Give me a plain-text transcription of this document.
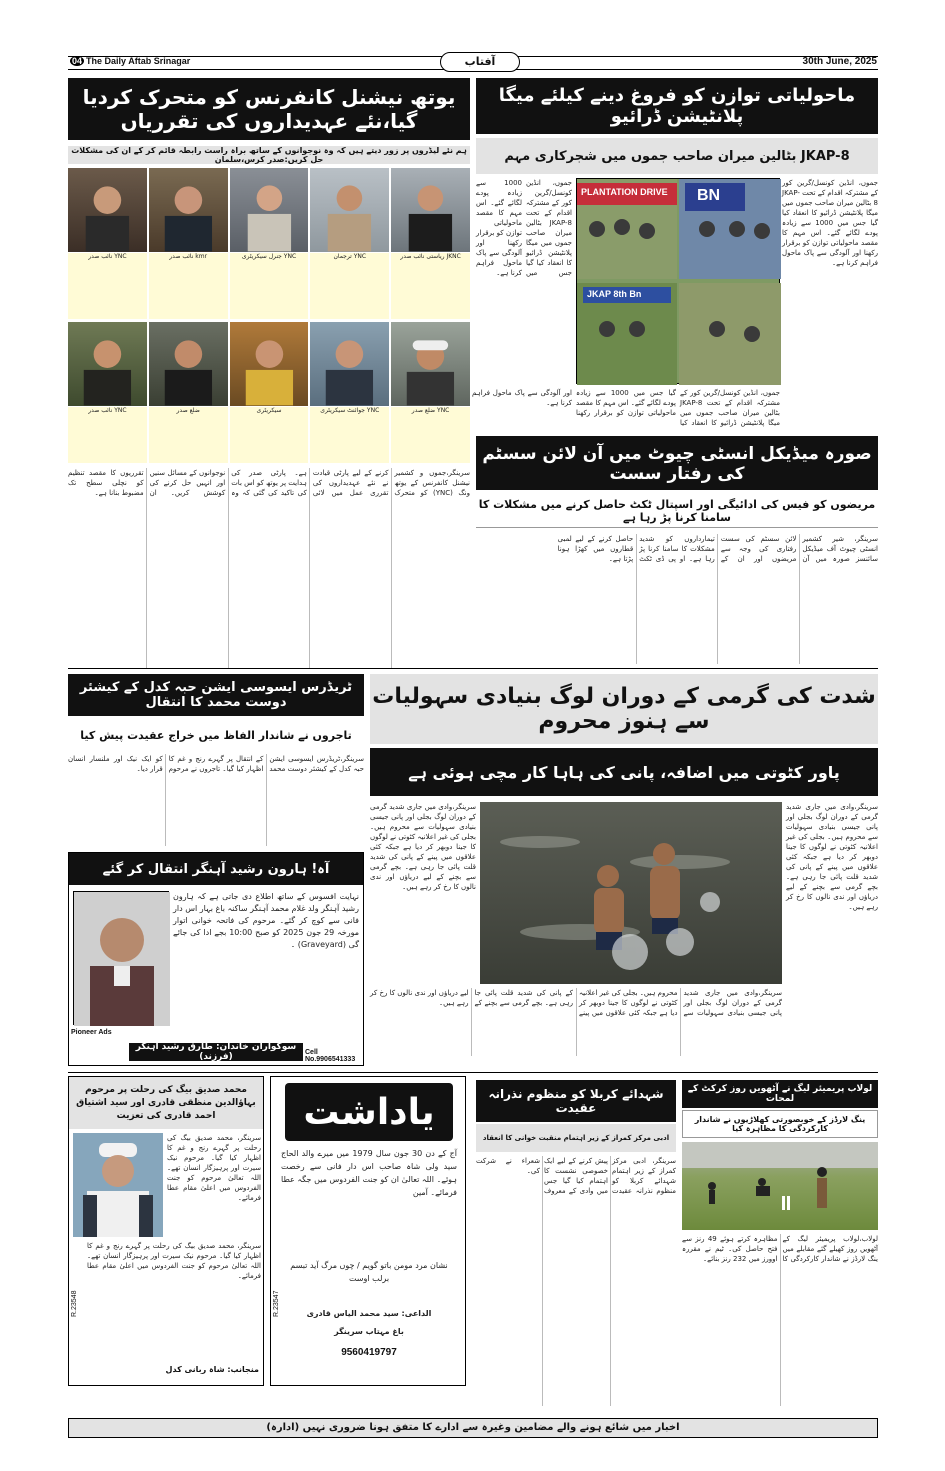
04 The Daily Aftab Srinagar	آفتاب	30th June, 2025
یوتھ نیشنل کانفرنس کو متحرک کردیا گیا،نئے عہدیداروں کی تقرریاں
ہم نئے لیڈروں پر زور دیتے ہیں کہ وہ نوجوانوں کے ساتھ براہ راست رابطہ قائم کر کے ان کی مشکلات حل کریں:صدر کرس،سلمان
YNC نائب صدر	kmr نائب صدر	YNC جنرل سیکریٹری	YNC ترجمان	JKNC ریاستی نائب صدر
YNC نائب صدر	ضلع صدر	سیکریٹری	YNC جوائنٹ سیکریٹری	YNC ضلع صدر
سرینگر،جموں و کشمیر نیشنل کانفرنس کے یوتھ ونگ (YNC) کو متحرک کرنے کے لیے پارٹی قیادت نے نئے عہدیداروں کی تقرری عمل میں لائی ہے۔ پارٹی صدر کی ہدایت پر یوتھ کو اس بات کی تاکید کی گئی کہ وہ نوجوانوں کے مسائل سنیں اور انہیں حل کرنے کی کوشش کریں۔ ان تقرریوں کا مقصد تنظیم کو نچلی سطح تک مضبوط بنانا ہے۔
ماحولیاتی توازن کو فروغ دینے کیلئے میگا پلانٹیشن ڈرائیو
JKAP-8 بٹالین میران صاحب جموں میں شجرکاری مہم
PLANTATION DRIVE BN
JKAP 8th Bn
جموں، انڈین کونسل/گرین کور کے مشترکہ اقدام کے تحت JKAP-8 بٹالین میران صاحب جموں میں میگا پلانٹیشن ڈرائیو کا انعقاد کیا گیا جس میں 1000 سے زیادہ پودے لگائے گئے۔ اس مہم کا مقصد ماحولیاتی توازن کو برقرار رکھنا اور آلودگی سے پاک ماحول فراہم کرنا ہے۔
جموں، انڈین کونسل/گرین کور کے مشترکہ اقدام کے تحت JKAP-8 بٹالین میران صاحب جموں میں میگا پلانٹیشن ڈرائیو کا انعقاد کیا گیا جس میں 1000 سے زیادہ پودے لگائے گئے۔ اس مہم کا مقصد ماحولیاتی توازن کو برقرار رکھنا اور آلودگی سے پاک ماحول فراہم کرنا ہے۔
جموں، انڈین کونسل/گرین کور کے مشترکہ اقدام کے تحت JKAP-8 بٹالین میران صاحب جموں میں میگا پلانٹیشن ڈرائیو کا انعقاد کیا گیا جس میں 1000 سے زیادہ پودے لگائے گئے۔ اس مہم کا مقصد ماحولیاتی توازن کو برقرار رکھنا اور آلودگی سے پاک ماحول فراہم کرنا ہے۔
صورہ میڈیکل انسٹی چیوٹ میں آن لائن سسٹم کی رفتار سست
مریضوں کو فیس کی ادائیگی اور اسپتال ٹکٹ حاصل کرنے میں مشکلات کا سامنا کرنا پڑ رہا ہے
سرینگر، شیر کشمیر انسٹی چیوٹ آف میڈیکل سائنسز صورہ میں آن لائن سسٹم کی سست رفتاری کی وجہ سے مریضوں اور ان کے تیمارداروں کو شدید مشکلات کا سامنا کرنا پڑ رہا ہے۔ او پی ڈی ٹکٹ حاصل کرنے کے لیے لمبی قطاروں میں کھڑا ہونا پڑتا ہے۔
ٹریڈرس ایسوسی ایشن حبہ کدل کے کیشئر دوست محمد کا انتقال
تاجروں نے شاندار الفاظ میں خراج عقیدت پیش کیا
سرینگر،ٹریڈرس ایسوسی ایشن حبہ کدل کے کیشئر دوست محمد کے انتقال پر گہرے رنج و غم کا اظہار کیا گیا۔ تاجروں نے مرحوم کو ایک نیک اور ملنسار انسان قرار دیا۔
شدت کی گرمی کے دوران لوگ بنیادی سہولیات سے ہنوز محروم
پاور کٹوتی میں اضافہ، پانی کی ہاہا کار مچی ہوئی ہے
سرینگر،وادی میں جاری شدید گرمی کے دوران لوگ بجلی اور پانی جیسی بنیادی سہولیات سے محروم ہیں۔ بجلی کی غیر اعلانیہ کٹوتی نے لوگوں کا جینا دوبھر کر دیا ہے جبکہ کئی علاقوں میں پینے کے پانی کی شدید قلت پائی جا رہی ہے۔ بچے گرمی سے بچنے کے لیے دریاؤں اور ندی نالوں کا رخ کر رہے ہیں۔
سرینگر،وادی میں جاری شدید گرمی کے دوران لوگ بجلی اور پانی جیسی بنیادی سہولیات سے محروم ہیں۔ بجلی کی غیر اعلانیہ کٹوتی نے لوگوں کا جینا دوبھر کر دیا ہے جبکہ کئی علاقوں میں پینے کے پانی کی شدید قلت پائی جا رہی ہے۔ بچے گرمی سے بچنے کے لیے دریاؤں اور ندی نالوں کا رخ کر رہے ہیں۔
سرینگر،وادی میں جاری شدید گرمی کے دوران لوگ بجلی اور پانی جیسی بنیادی سہولیات سے محروم ہیں۔ بجلی کی غیر اعلانیہ کٹوتی نے لوگوں کا جینا دوبھر کر دیا ہے جبکہ کئی علاقوں میں پینے کے پانی کی شدید قلت پائی جا رہی ہے۔ بچے گرمی سے بچنے کے لیے دریاؤں اور ندی نالوں کا رخ کر رہے ہیں۔
آہ! ہارون رشید آہنگر انتقال کر گئے
نہایت افسوس کے ساتھ اطلاع دی جاتی ہے کہ ہارون رشید آہنگر ولد غلام محمد آہنگر ساکنہ باغ بہار اس دار فانی سے کوچ کر گئے۔ مرحوم کی فاتحہ خوانی اتوار مورخہ 29 جون 2025 کو صبح 10:00 بجے ادا کی جائے گی (Graveyard) ۔
Pioneer Ads
سوگواران خاندان: طارق رشید آہنگر (فرزند)	Cell No.9906541333
محمد صدیق بیگ کی رحلت پر مرحوم بہاؤالدین منظقی قادری اور سید اشتیاق احمد قادری کی تعزیت
سرینگر، محمد صدیق بیگ کی رحلت پر گہرے رنج و غم کا اظہار کیا گیا۔ مرحوم نیک سیرت اور پرہیزگار انسان تھے۔ اللہ تعالیٰ مرحوم کو جنت الفردوس میں اعلیٰ مقام عطا فرمائے۔
سرینگر، محمد صدیق بیگ کی رحلت پر گہرے رنج و غم کا اظہار کیا گیا۔ مرحوم نیک سیرت اور پرہیزگار انسان تھے۔ اللہ تعالیٰ مرحوم کو جنت الفردوس میں اعلیٰ مقام عطا فرمائے۔
منجانب: شاہ ربانی کدل
R.23548
یاداشت
آج کے دن 30 جون سال 1979 میں میرے والد الحاج سید ولی شاہ صاحب اس دار فانی سے رخصت ہوئے۔ اللہ تعالیٰ ان کو جنت الفردوس میں جگہ عطا فرمائے۔ آمین
نشان مرد مومن باتو گویم / چوں مرگ آید تبسم برلب اوست
الداعی: سید محمد الیاس قادری
باغ مہتاب سرینگر
9560419797
R.23547
شہدائے کربلا کو منظوم نذرانہ عقیدت
ادبی مرکز کمراز کے زیر اہتمام منقبت خوانی کا انعقاد
سرینگر، ادبی مرکز کمراز کے زیر اہتمام شہدائے کربلا کو منظوم نذرانہ عقیدت پیش کرنے کے لیے ایک خصوصی نشست کا اہتمام کیا گیا جس میں وادی کے معروف شعراء نے شرکت کی۔
لولاب پریمیئر لیگ نے آٹھویں روز کرکٹ کے لمحات
ینگ لارڈز کے خوبصورتی کھلاڑیوں نے شاندار کارکردگی کا مظاہرہ کیا
لولاب،لولاب پریمیئر لیگ کے آٹھویں روز کھیلے گئے مقابلے میں ینگ لارڈز نے شاندار کارکردگی کا مظاہرہ کرتے ہوئے 49 رنز سے فتح حاصل کی۔ ٹیم نے مقررہ اوورز میں 232 رنز بنائے۔
اخبار میں شائع ہونے والے مضامین وغیرہ سے ادارے کا متفق ہونا ضروری نہیں (ادارہ)
